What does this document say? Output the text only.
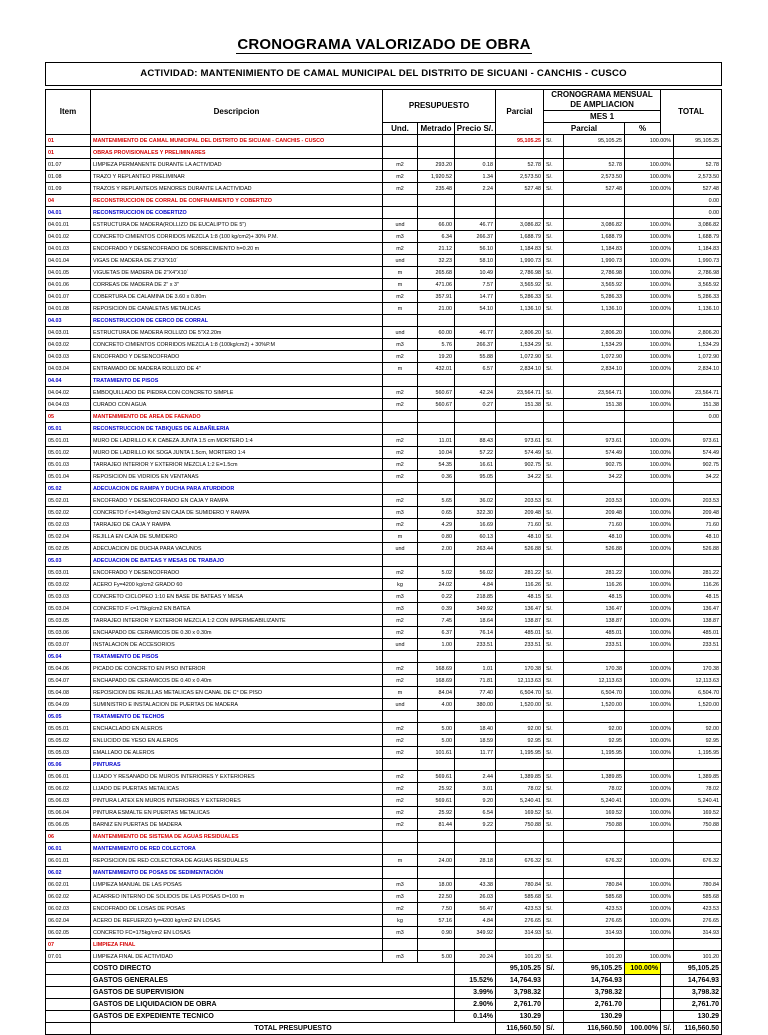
CRONOGRAMA VALORIZADO DE OBRA
ACTIVIDAD: MANTENIMIENTO DE CAMAL MUNICIPAL DEL DISTRITO DE SICUANI - CANCHIS - CUSCO
Item	Descripcion	PRESUPUESTO			Parcial	CRONOGRAMA MENSUAL DE AMPLIACION			TOTAL	
						MES 1				
		Und.	Metrado	Precio S/.		Parcial		%		
01	MANTENIMIENTO DE CAMAL MUNICIPAL DEL DISTRITO DE SICUANI - CANCHIS - CUSCO				95,105.25	S/.	95,105.25	100.00%		95,105.25
01	OBRAS PROVISIONALES Y PRELIMINARES									
01.07	LIMPIEZA PERMANENTE DURANTE LA ACTIVIDAD	m2	293.20	0.18	52.78	S/.	52.78	100.00%		52.78
01.08	TRAZO Y REPLANTEO PRELIMINAR	m2	1,920.52	1.34	2,573.50	S/.	2,573.50	100.00%		2,573.50
01.09	TRAZOS Y REPLANTEOS MENORES DURANTE LA ACTIVIDAD	m2	235.48	2.24	527.48	S/.	527.48	100.00%		527.48
04	RECONSTRUCCION DE CORRAL DE CONFINAMIENTO Y COBERTIZO									0.00
04.01	RECONSTRUCCION DE COBERTIZO									0.00
04.01.01	ESTRUCTURA DE MADERA(ROLLIZO DE EUCALIPTO DE 5")	und	66.00	46.77	3,086.82	S/.	3,086.82	100.00%		3,086.82
04.01.02	CONCRETO CIMIENTOS CORRIDOS MEZCLA 1:8 (100 kg/cm2)+ 30% P.M.	m3	6.34	266.37	1,688.79	S/.	1,688.79	100.00%		1,688.79
04.01.03	ENCOFRADO Y DESENCOFRADO DE SOBRECIMIENTO h=0.20 m	m2	21.12	56.10	1,184.83	S/.	1,184.83	100.00%		1,184.83
04.01.04	VIGAS DE MADERA DE 2"X3"X10´	und	32.23	58.10	1,990.73	S/.	1,990.73	100.00%		1,990.73
04.01.05	VIGUETAS DE MADERA DE 2"X4"X10´	m	265.68	10.49	2,786.98	S/.	2,786.98	100.00%		2,786.98
04.01.06	CORREAS DE MADERA DE 2" x 3"	m	471.06	7.57	3,565.92	S/.	3,565.92	100.00%		3,565.92
04.01.07	COBERTURA DE CALAMINA DE 3.60 x 0.80m	m2	357.91	14.77	5,286.33	S/.	5,286.33	100.00%		5,286.33
04.01.08	REPOSICION DE CANALETAS METALICAS	m	21.00	54.10	1,136.10	S/.	1,136.10	100.00%		1,136.10
04.03	RECONSTRUCCION DE CERCO DE CORRAL									
04.03.01	ESTRUCTURA DE MADERA ROLLIZO DE 5"X2.20m	und	60.00	46.77	2,806.20	S/.	2,806.20	100.00%		2,806.20
04.03.02	CONCRETO CIMIENTOS CORRIDOS MEZCLA 1:8 (100kg/cm2) + 30%P.M	m3	5.76	266.37	1,534.29	S/.	1,534.29	100.00%		1,534.29
04.03.03	ENCOFRADO Y DESENCOFRADO	m2	19.20	55.88	1,072.90	S/.	1,072.90	100.00%		1,072.90
04.03.04	ENTRAMADO DE MADERA ROLLIZO DE 4"	m	432.01	6.57	2,834.10	S/.	2,834.10	100.00%		2,834.10
04.04	TRATAMIENTO DE PISOS									
04.04.02	EMBOQUILLADO DE PIEDRA CON CONCRETO SIMPLE	m2	560.67	42.24	23,564.71	S/.	23,564.71	100.00%		23,564.71
04.04.03	CURADO CON AGUA	m2	560.67	0.27	151.38	S/.	151.38	100.00%		151.38
05	MANTENIMIENTO DE AREA DE FAENADO									0.00
05.01	RECONSTRUCCION DE TABIQUES DE ALBAÑILERIA									
05.01.01	MURO DE LADRILLO K.K CABEZA JUNTA 1.5 cm MORTERO 1:4	m2	11.01	88.43	973.61	S/.	973.61	100.00%		973.61
05.01.02	MURO DE LADRILLO KK SOGA JUNTA 1.5cm, MORTERO 1:4	m2	10.04	57.22	574.49	S/.	574.49	100.00%		574.49
05.01.03	TARRAJEO INTERIOR Y EXTERIOR MEZCLA 1:2 E=1.5cm	m2	54.35	16.61	902.75	S/.	902.75	100.00%		902.75
05.01.04	REPOSICION DE VIDRIOS EN VENTANAS	m2	0.36	95.05	34.22	S/.	34.22	100.00%		34.22
05.02	ADECUACION DE RAMPA Y DUCHA PARA ATURDIDOR									
05.02.01	ENCOFRADO Y DESENCOFRADO EN CAJA Y RAMPA	m2	5.65	36.02	203.53	S/.	203.53	100.00%		203.53
05.02.02	CONCRETO f´c=140kg/cm2 EN CAJA DE SUMIDERO Y RAMPA	m3	0.65	322.30	209.48	S/.	209.48	100.00%		209.48
05.02.03	TARRAJEO DE CAJA Y RAMPA	m2	4.29	16.69	71.60	S/.	71.60	100.00%		71.60
05.02.04	REJILLA EN CAJA DE SUMIDERO	m	0.80	60.13	48.10	S/.	48.10	100.00%		48.10
05.02.05	ADECUACION DE DUCHA PARA VACUNOS	und	2.00	263.44	526.88	S/.	526.88	100.00%		526.88
05.03	ADECUACION DE BATEAS Y MESAS DE TRABAJO									
05.03.01	ENCOFRADO Y DESENCOFRADO	m2	5.02	56.02	281.22	S/.	281.22	100.00%		281.22
05.03.02	ACERO Fy=4200 kg/cm2 GRADO 60	kg	24.02	4.84	116.26	S/.	116.26	100.00%		116.26
05.03.03	CONCRETO CICLOPEO 1:10 EN BASE DE BATEAS Y MESA	m3	0.22	218.85	48.15	S/.	48.15	100.00%		48.15
05.03.04	CONCRETO F´c=175kg/cm2 EN BATEA	m3	0.39	349.92	136.47	S/.	136.47	100.00%		136.47
05.03.05	TARRAJEO INTERIOR Y EXTERIOR MEZCLA 1:2 CON IMPERMEABILIZANTE	m2	7.45	18.64	138.87	S/.	138.87	100.00%		138.87
05.03.06	ENCHAPADO DE CERAMICOS DE 0.30 x 0.30m	m2	6.37	76.14	485.01	S/.	485.01	100.00%		485.01
05.03.07	INSTALACION DE ACCESORIOS	und	1.00	233.51	233.51	S/.	233.51	100.00%		233.51
05.04	TRATAMIENTO DE PISOS									
05.04.06	PICADO DE CONCRETO EN PISO INTERIOR	m2	168.69	1.01	170.38	S/.	170.38	100.00%		170.38
05.04.07	ENCHAPADO DE CERAMICOS DE 0.40 x 0.40m	m2	168.69	71.81	12,113.63	S/.	12,113.63	100.00%		12,113.63
05.04.08	REPOSICION DE REJILLAS METALICAS EN CANAL DE C° DE PISO	m	84.04	77.40	6,504.70	S/.	6,504.70	100.00%		6,504.70
05.04.09	SUMINISTRO E INSTALACION DE PUERTAS DE MADERA	und	4.00	380.00	1,520.00	S/.	1,520.00	100.00%		1,520.00
05.05	TRATAMIENTO DE TECHOS									
05.05.01	ENCHACLADO EN ALEROS	m2	5.00	18.40	92.00	S/.	92.00	100.00%		92.00
05.05.02	ENLUCIDO DE YESO EN ALEROS	m2	5.00	18.59	92.95	S/.	92.95	100.00%		92.95
05.05.03	EMALLADO DE ALEROS	m2	101.61	11.77	1,195.95	S/.	1,195.95	100.00%		1,195.95
05.06	PINTURAS									
05.06.01	LIJADO Y RESANADO DE MUROS INTERIORES Y EXTERIORES	m2	569.61	2.44	1,389.85	S/.	1,389.85	100.00%		1,389.85
05.06.02	LIJADO DE PUERTAS METALICAS	m2	25.92	3.01	78.02	S/.	78.02	100.00%		78.02
05.06.03	PINTURA LATEX EN MUROS INTERIORES Y EXTERIORES	m2	569.61	9.20	5,240.41	S/.	5,240.41	100.00%		5,240.41
05.06.04	PINTURA ESMALTE EN PUERTAS METALICAS	m2	25.92	6.54	169.52	S/.	169.52	100.00%		169.52
05.06.05	BARNIZ EN PUERTAS DE MADERA	m2	81.44	9.22	750.88	S/.	750.88	100.00%		750.88
06	MANTENIMIENTO DE SISTEMA DE AGUAS RESIDUALES									
06.01	MANTENIMIENTO DE RED COLECTORA									
06.01.01	REPOSICION DE RED COLECTORA DE AGUAS RESIDUALES	m	24.00	28.18	676.32	S/.	676.32	100.00%		676.32
06.02	MANTENIMIENTO DE POSAS DE SEDIMENTACIÓN									
06.02.01	LIMPIEZA MANUAL DE LAS POSAS	m3	18.00	43.38	780.84	S/.	780.84	100.00%		780.84
06.02.02	ACARREO INTERNO DE SOLIDOS DE LAS POSAS D=100 m	m3	22.50	26.03	585.68	S/.	585.68	100.00%		585.68
06.02.03	ENCOFRADO DE LOSAS DE POSAS	m2	7.50	56.47	423.53	S/.	423.53	100.00%		423.53
06.02.04	ACERO DE REFUERZO fy=4200 kg/cm2 EN LOSAS	kg	57.16	4.84	276.65	S/.	276.65	100.00%		276.65
06.02.05	CONCRETO FC=175kg/cm2 EN LOSAS	m3	0.90	349.92	314.93	S/.	314.93	100.00%		314.93
07	LIMPIEZA FINAL									
07.01	LIMPIEZA FINAL DE ACTIVIDAD	m3	5.00	20.24	101.20	S/.	101.20	100.00%		101.20
	COSTO DIRECTO				95,105.25	S/.	95,105.25	100.00%		95,105.25
	GASTOS GENERALES			15.52%	14,764.93		14,764.93			14,764.93
	GASTOS DE SUPERVISION			3.99%	3,798.32		3,798.32			3,798.32
	GASTOS DE LIQUIDACION DE OBRA			2.90%	2,761.70		2,761.70			2,761.70
	GASTOS DE EXPEDIENTE TECNICO			0.14%	130.29		130.29			130.29
	TOTAL PRESUPUESTO				116,560.50	S/.	116,560.50	100.00%	S/.	116,560.50
